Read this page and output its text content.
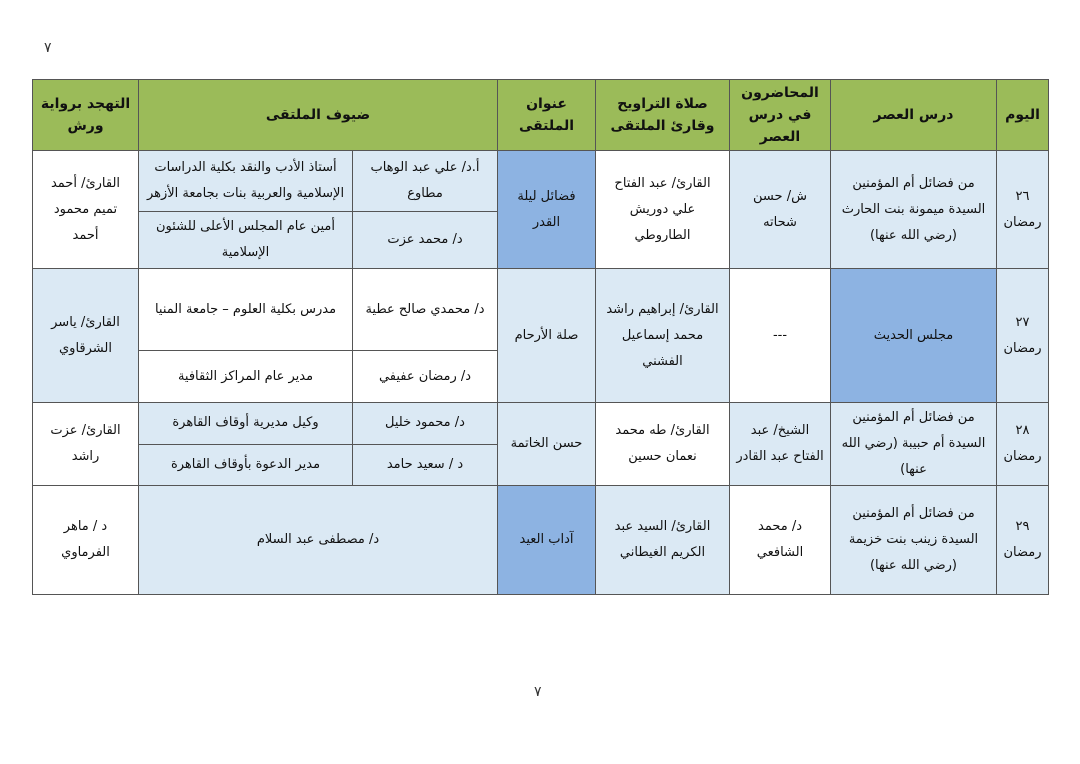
٧
اليوم	درس العصر	المحاضرون في درس العصر	صلاة التراويح وقارئ الملتقى	عنوان الملتقى	ضيوف الملتقى		التهجد برواية ورش
٢٦ رمضان	من فضائل أم المؤمنين السيدة ميمونة بنت الحارث (رضي الله عنها)	ش/ حسن شحاته	القارئ/ عبد الفتاح علي دوريش الطاروطي	فضائل ليلة القدر	أ.د/ علي عبد الوهاب مطاوع	أستاذ الأدب والنقد بكلية الدراسات الإسلامية والعربية بنات بجامعة الأزهر	القارئ/ أحمد تميم محمود أحمد
					د/ محمد عزت	أمين عام المجلس الأعلى للشئون الإسلامية	
٢٧ رمضان	مجلس الحديث	---	القارئ/ إبراهيم راشد محمد إسماعيل الفشني	صلة الأرحام	د/ محمدي صالح عطية	مدرس بكلية العلوم – جامعة المنيا	القارئ/ ياسر الشرقاوي
					د/ رمضان عفيفي	مدير عام المراكز الثقافية	
٢٨ رمضان	من فضائل أم المؤمنين السيدة أم حبيبة (رضي الله عنها)	الشيخ/ عبد الفتاح عبد القادر	القارئ/ طه محمد نعمان حسين	حسن الخاتمة	د/ محمود خليل	وكيل مديرية أوقاف القاهرة	القارئ/ عزت راشد
					د / سعيد حامد	مدير الدعوة بأوقاف القاهرة	
٢٩ رمضان	من فضائل أم المؤمنين السيدة زينب بنت خزيمة (رضي الله عنها)	د/ محمد الشافعي	القارئ/ السيد عبد الكريم الغيطاني	آداب العيد	د/ مصطفى عبد السلام		د / ماهر الفرماوي
٧
